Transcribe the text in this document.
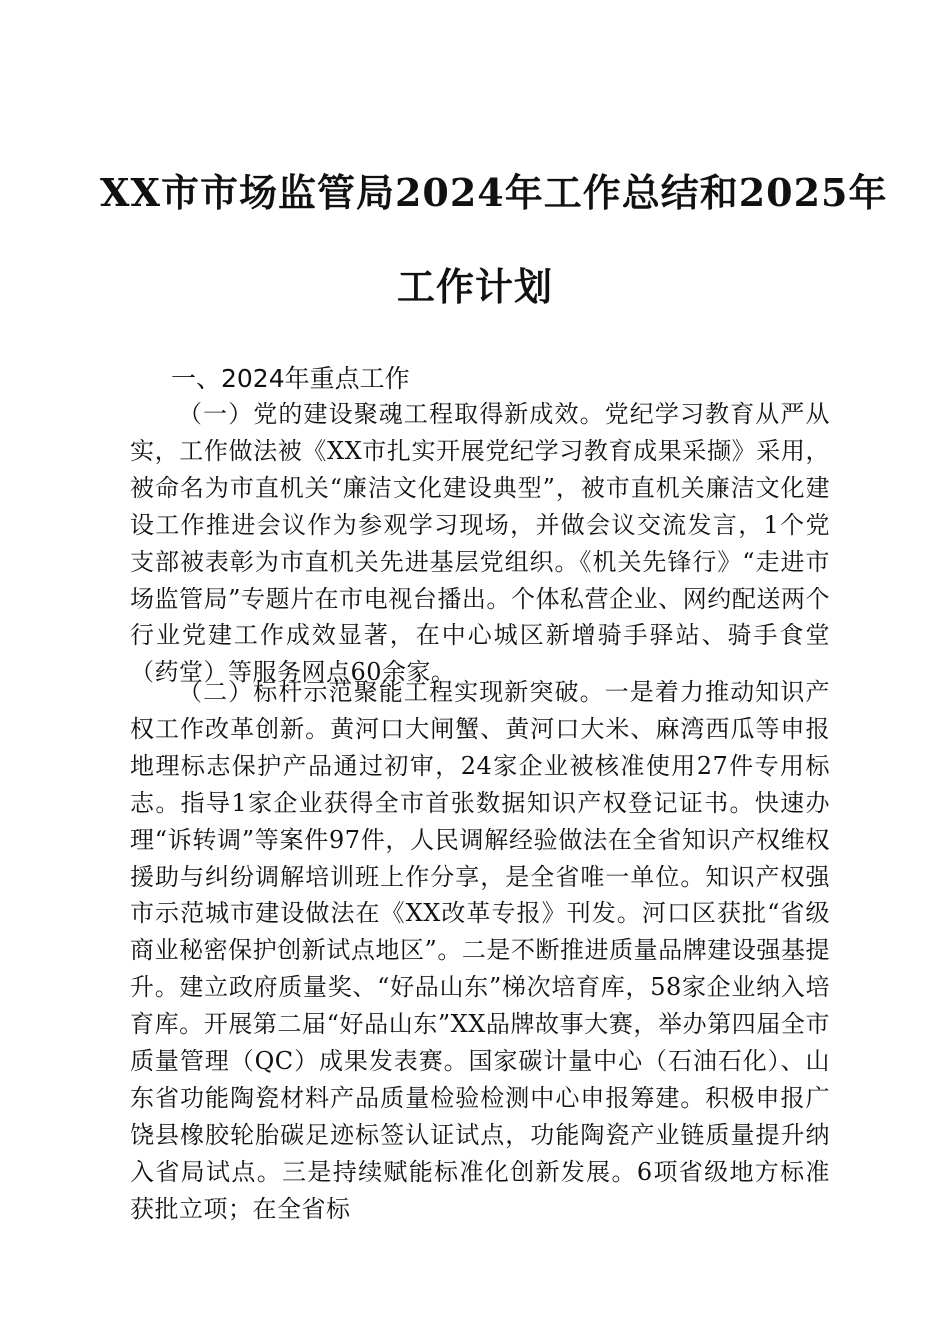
XX市市场监管局2024年工作总结和2025年
工作计划
一、2024年重点工作
（一）党的建设聚魂工程取得新成效。党纪学习教育从严从实，工作做法被《XX市扎实开展党纪学习教育成果采撷》采用，被命名为市直机关“廉洁文化建设典型”，被市直机关廉洁文化建设工作推进会议作为参观学习现场，并做会议交流发言，1个党支部被表彰为市直机关先进基层党组织。《机关先锋行》“走进市场监管局”专题片在市电视台播出。个体私营企业、网约配送两个行业党建工作成效显著，在中心城区新增骑手驿站、骑手食堂（药堂）等服务网点60余家。
（二）标杆示范聚能工程实现新突破。一是着力推动知识产权工作改革创新。黄河口大闸蟹、黄河口大米、麻湾西瓜等申报地理标志保护产品通过初审，24家企业被核准使用27件专用标志。指导1家企业获得全市首张数据知识产权登记证书。快速办理“诉转调”等案件97件，人民调解经验做法在全省知识产权维权援助与纠纷调解培训班上作分享，是全省唯一单位。知识产权强市示范城市建设做法在《XX改革专报》刊发。河口区获批“省级商业秘密保护创新试点地区”。二是不断推进质量品牌建设强基提升。建立政府质量奖、“好品山东”梯次培育库，58家企业纳入培育库。开展第二届“好品山东”XX品牌故事大赛，举办第四届全市质量管理（QC）成果发表赛。国家碳计量中心（石油石化）、山东省功能陶瓷材料产品质量检验检测中心申报筹建。积极申报广饶县橡胶轮胎碳足迹标签认证试点，功能陶瓷产业链质量提升纳入省局试点。三是持续赋能标准化创新发展。6项省级地方标准获批立项；在全省标
